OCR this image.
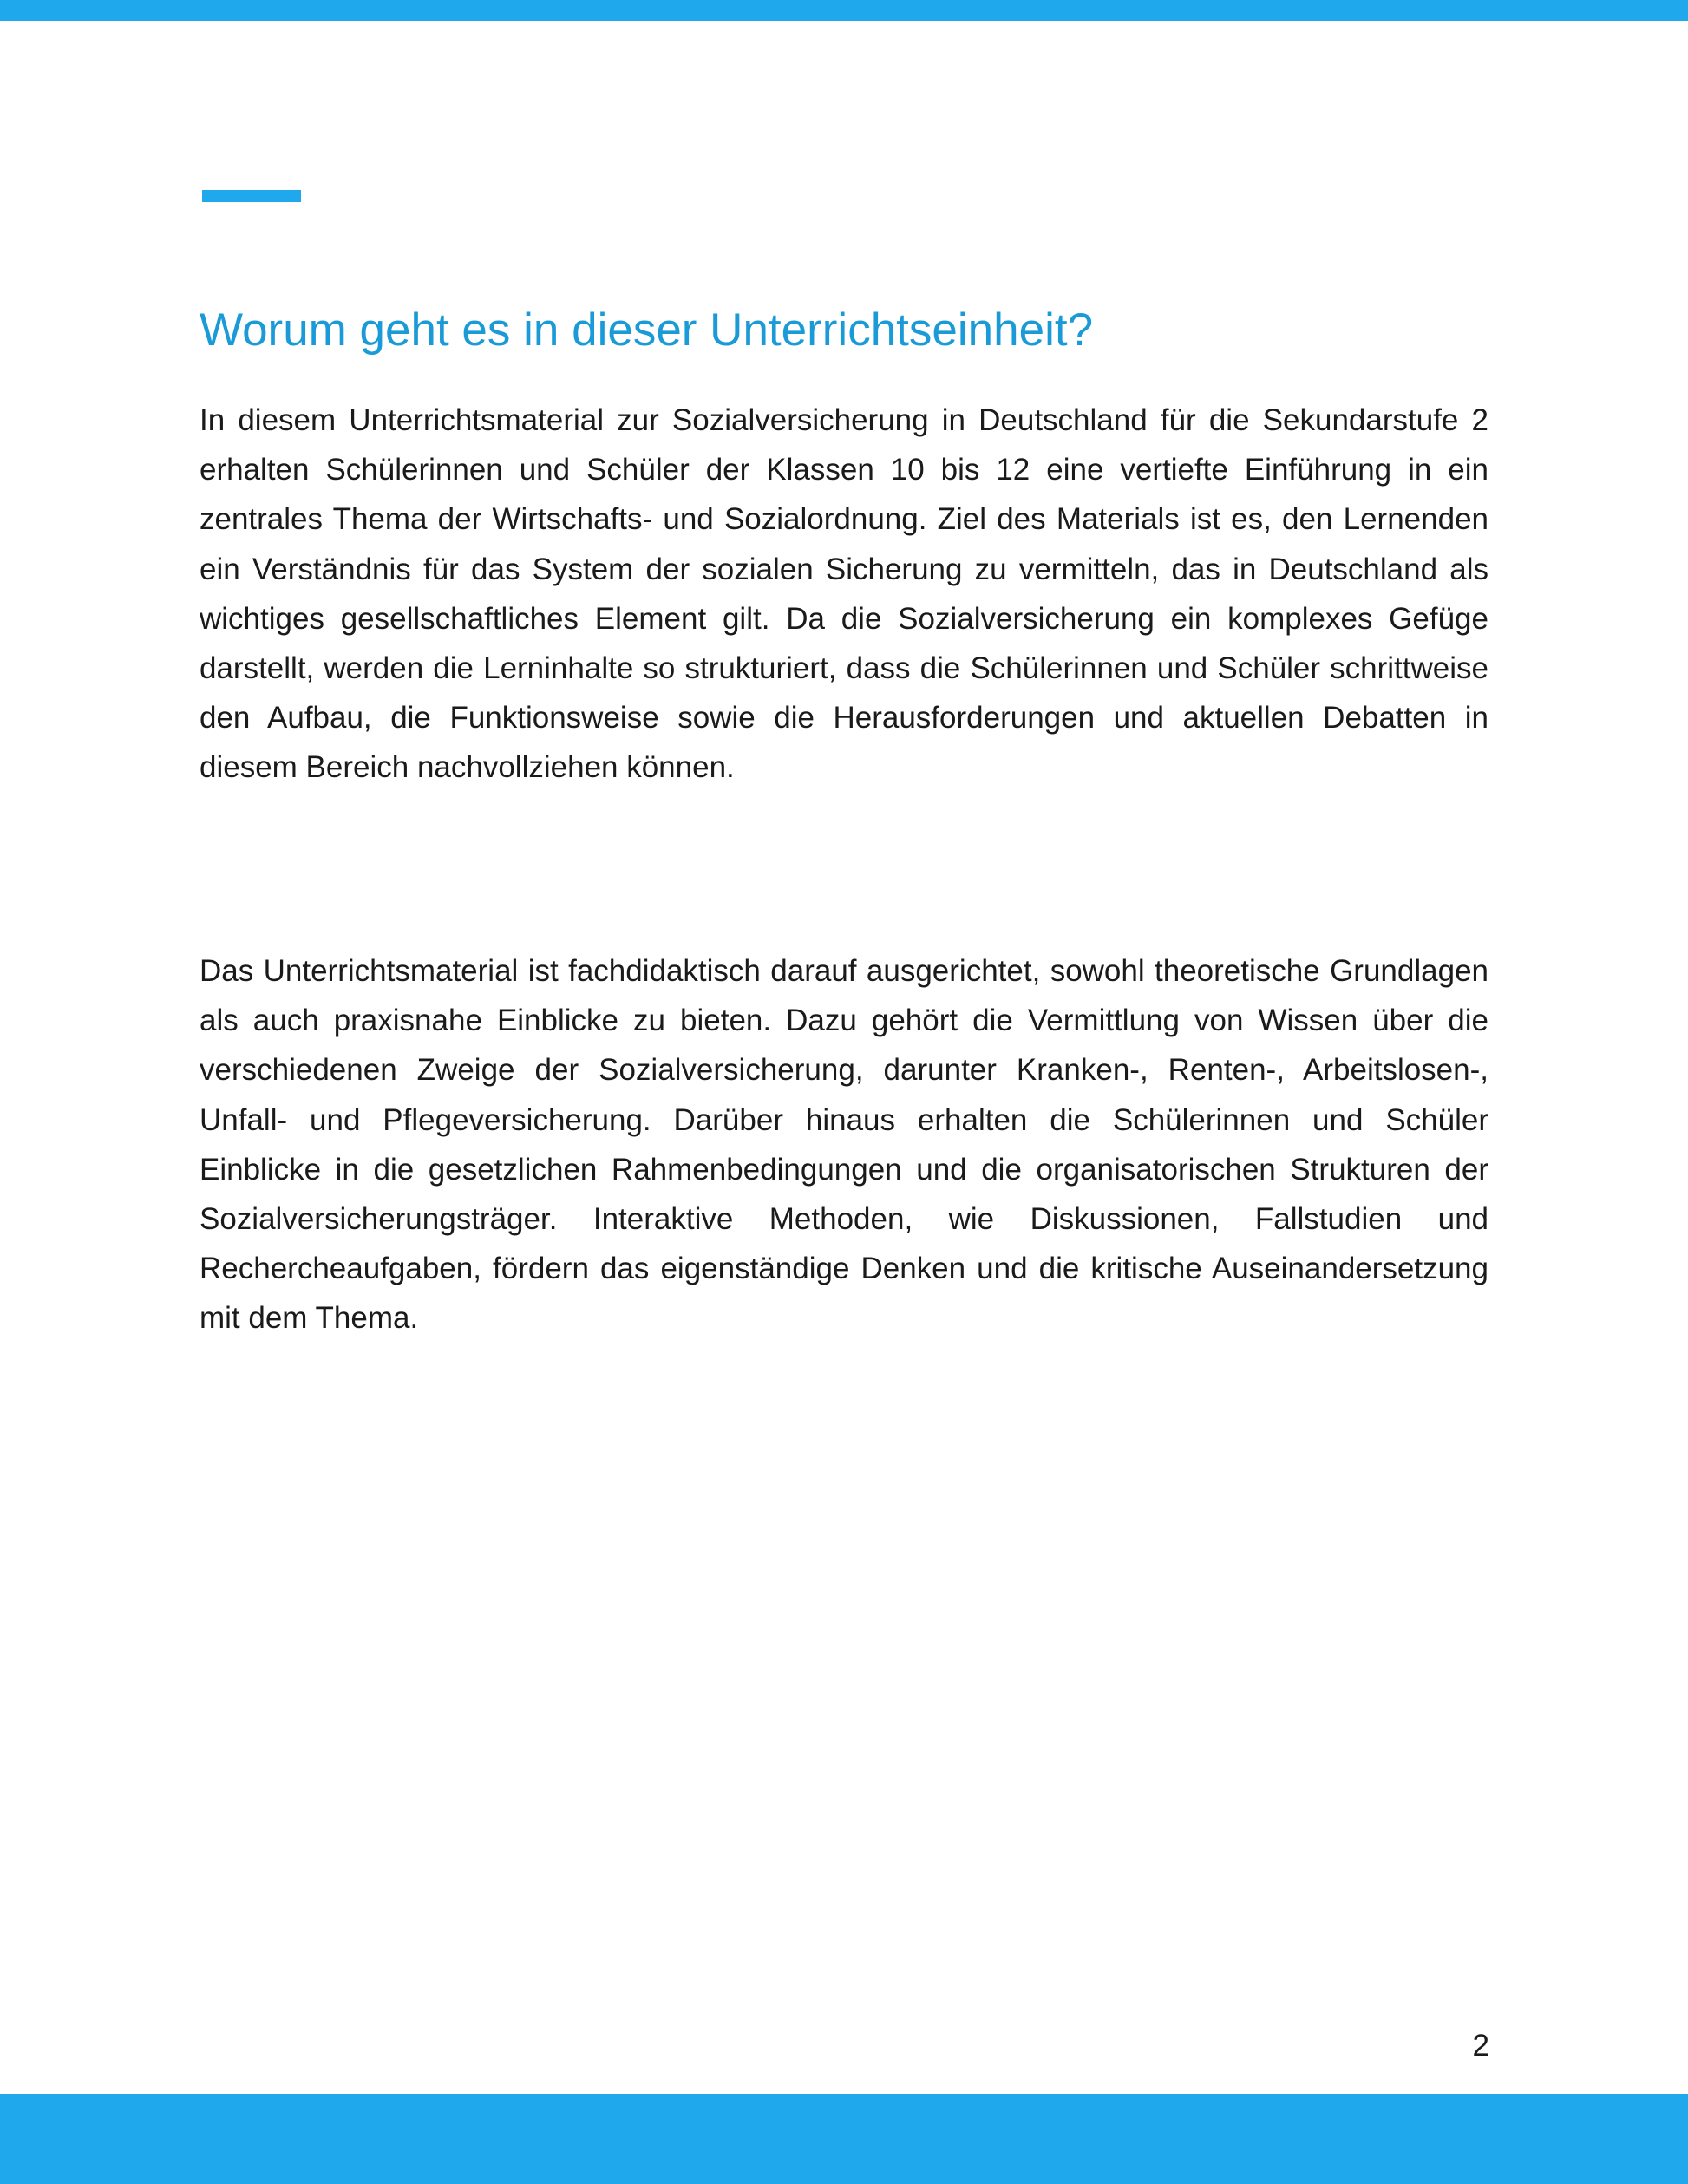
Worum geht es in dieser Unterrichtseinheit?

In diesem Unterrichtsmaterial zur Sozialversicherung in Deutschland für die Sekundarstufe 2 erhalten Schülerinnen und Schüler der Klassen 10 bis 12 eine vertiefte Einführung in ein zentrales Thema der Wirtschafts- und Sozialordnung. Ziel des Materials ist es, den Lernenden ein Verständnis für das System der sozialen Sicherung zu vermitteln, das in Deutschland als wichtiges gesellschaftliches Element gilt. Da die Sozialversicherung ein komplexes Gefüge darstellt, werden die Lerninhalte so strukturiert, dass die Schülerinnen und Schüler schrittweise den Aufbau, die Funktionsweise sowie die Herausforderungen und aktuellen Debatten in diesem Bereich nachvollziehen können.

Das Unterrichtsmaterial ist fachdidaktisch darauf ausgerichtet, sowohl theoretische Grundlagen als auch praxisnahe Einblicke zu bieten. Dazu gehört die Vermittlung von Wissen über die verschiedenen Zweige der Sozialversicherung, darunter Kranken-, Renten-, Arbeitslosen-, Unfall- und Pflegeversicherung. Darüber hinaus erhalten die Schülerinnen und Schüler Einblicke in die gesetzlichen Rahmenbedingungen und die organisatorischen Strukturen der Sozialversicherungsträger. Interaktive Methoden, wie Diskussionen, Fallstudien und Rechercheaufgaben, fördern das eigenständige Denken und die kritische Auseinandersetzung mit dem Thema.

2
